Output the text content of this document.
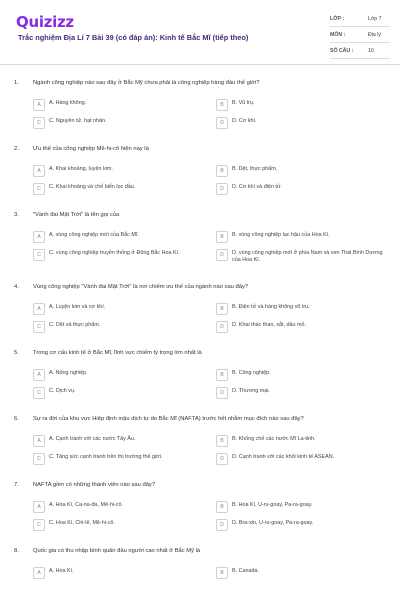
Quizizz
Trắc nghiệm Địa Lí 7 Bài 39 (có đáp án): Kinh tế Bắc Mĩ (tiếp theo)
LỚP :	Lớp 7
MÔN :	Địa lý
SỐ CÂU :	10
1.	Ngành công nghiệp nào sau đây ở Bắc Mỹ chưa phải là công nghiệp hàng đầu thế giới?
A	A. Hàng không.	B	B. Vũ trụ.
C	C. Nguyên tử, hạt nhân.	D	D. Cơ khí.
2.	Ưu thế của công nghiệp Mê-hi-cô hiện nay là
A	A. Khai khoáng, luyện kim.	B	B. Dệt, thực phẩm,
C	C. Khai khoáng và chế biến lọc dầu.	D	D. Cơ khí và điện tử.
3.	"Vành đai Mặt Trời" là tên gọi của
A	A. vùng công nghiệp mới của Bắc Mĩ.	B	B. vùng công nghiệp lạc hậu của Hoa Kì.
C	C. vùng công nghiệp truyền thống ở Đông Bắc Hoa Kì.	D	D. vùng công nghiệp mới ở phía Nam và ven Thái Bình Dương của Hoa Kì.
4.	Vùng công nghiệp "Vành đai Mặt Trời" là nơi chiếm ưu thế của ngành nào sau đây?
A	A. Luyện kim và cơ khí.	B	B. Điện tử và hàng không vũ trụ.
C	C. Dệt và thực phẩm.	D	D. Khai thác than, sắt, dầu mỏ.
5.	Trong cơ cấu kinh tế ở Bắc Mĩ, lĩnh vực chiếm tỷ trọng lớn nhất là
A	A. Nông nghiệp.	B	B. Công nghiệp.
C	C. Dịch vụ.	D	D. Thương mại.
6.	Sự ra đời của khu vực Hiệp định mậu dịch tự do Bắc Mĩ (NAFTA) trước hết nhằm mục đích nào sau đây?
A	A. Cạnh tranh với các nước Tây Âu.	B	B. Khống chế các nước Mĩ La-tinh.
C	C. Tăng sức cạnh tranh trên thị trường thế giới.	D	D. Cạnh tranh với các khối kinh tế ASEAN.
7.	NAFTA gồm có những thành viên nào sau đây?
A	A. Hoa Kì, Ca-na-đa, Mê-hi-cô.	B	B. Hoa Kì, U-ru-goay, Pa-ra-goay.
C	C. Hoa Kì, Chi-lê, Mê-hi-cô.	D	D. Bra-xin, U-ru-goay, Pa-ra-goay.
8.	Quốc gia có thu nhập bình quân đầu người cao nhất ở Bắc Mỹ là
A	A. Hoa Kì.	B	B. Canada.
